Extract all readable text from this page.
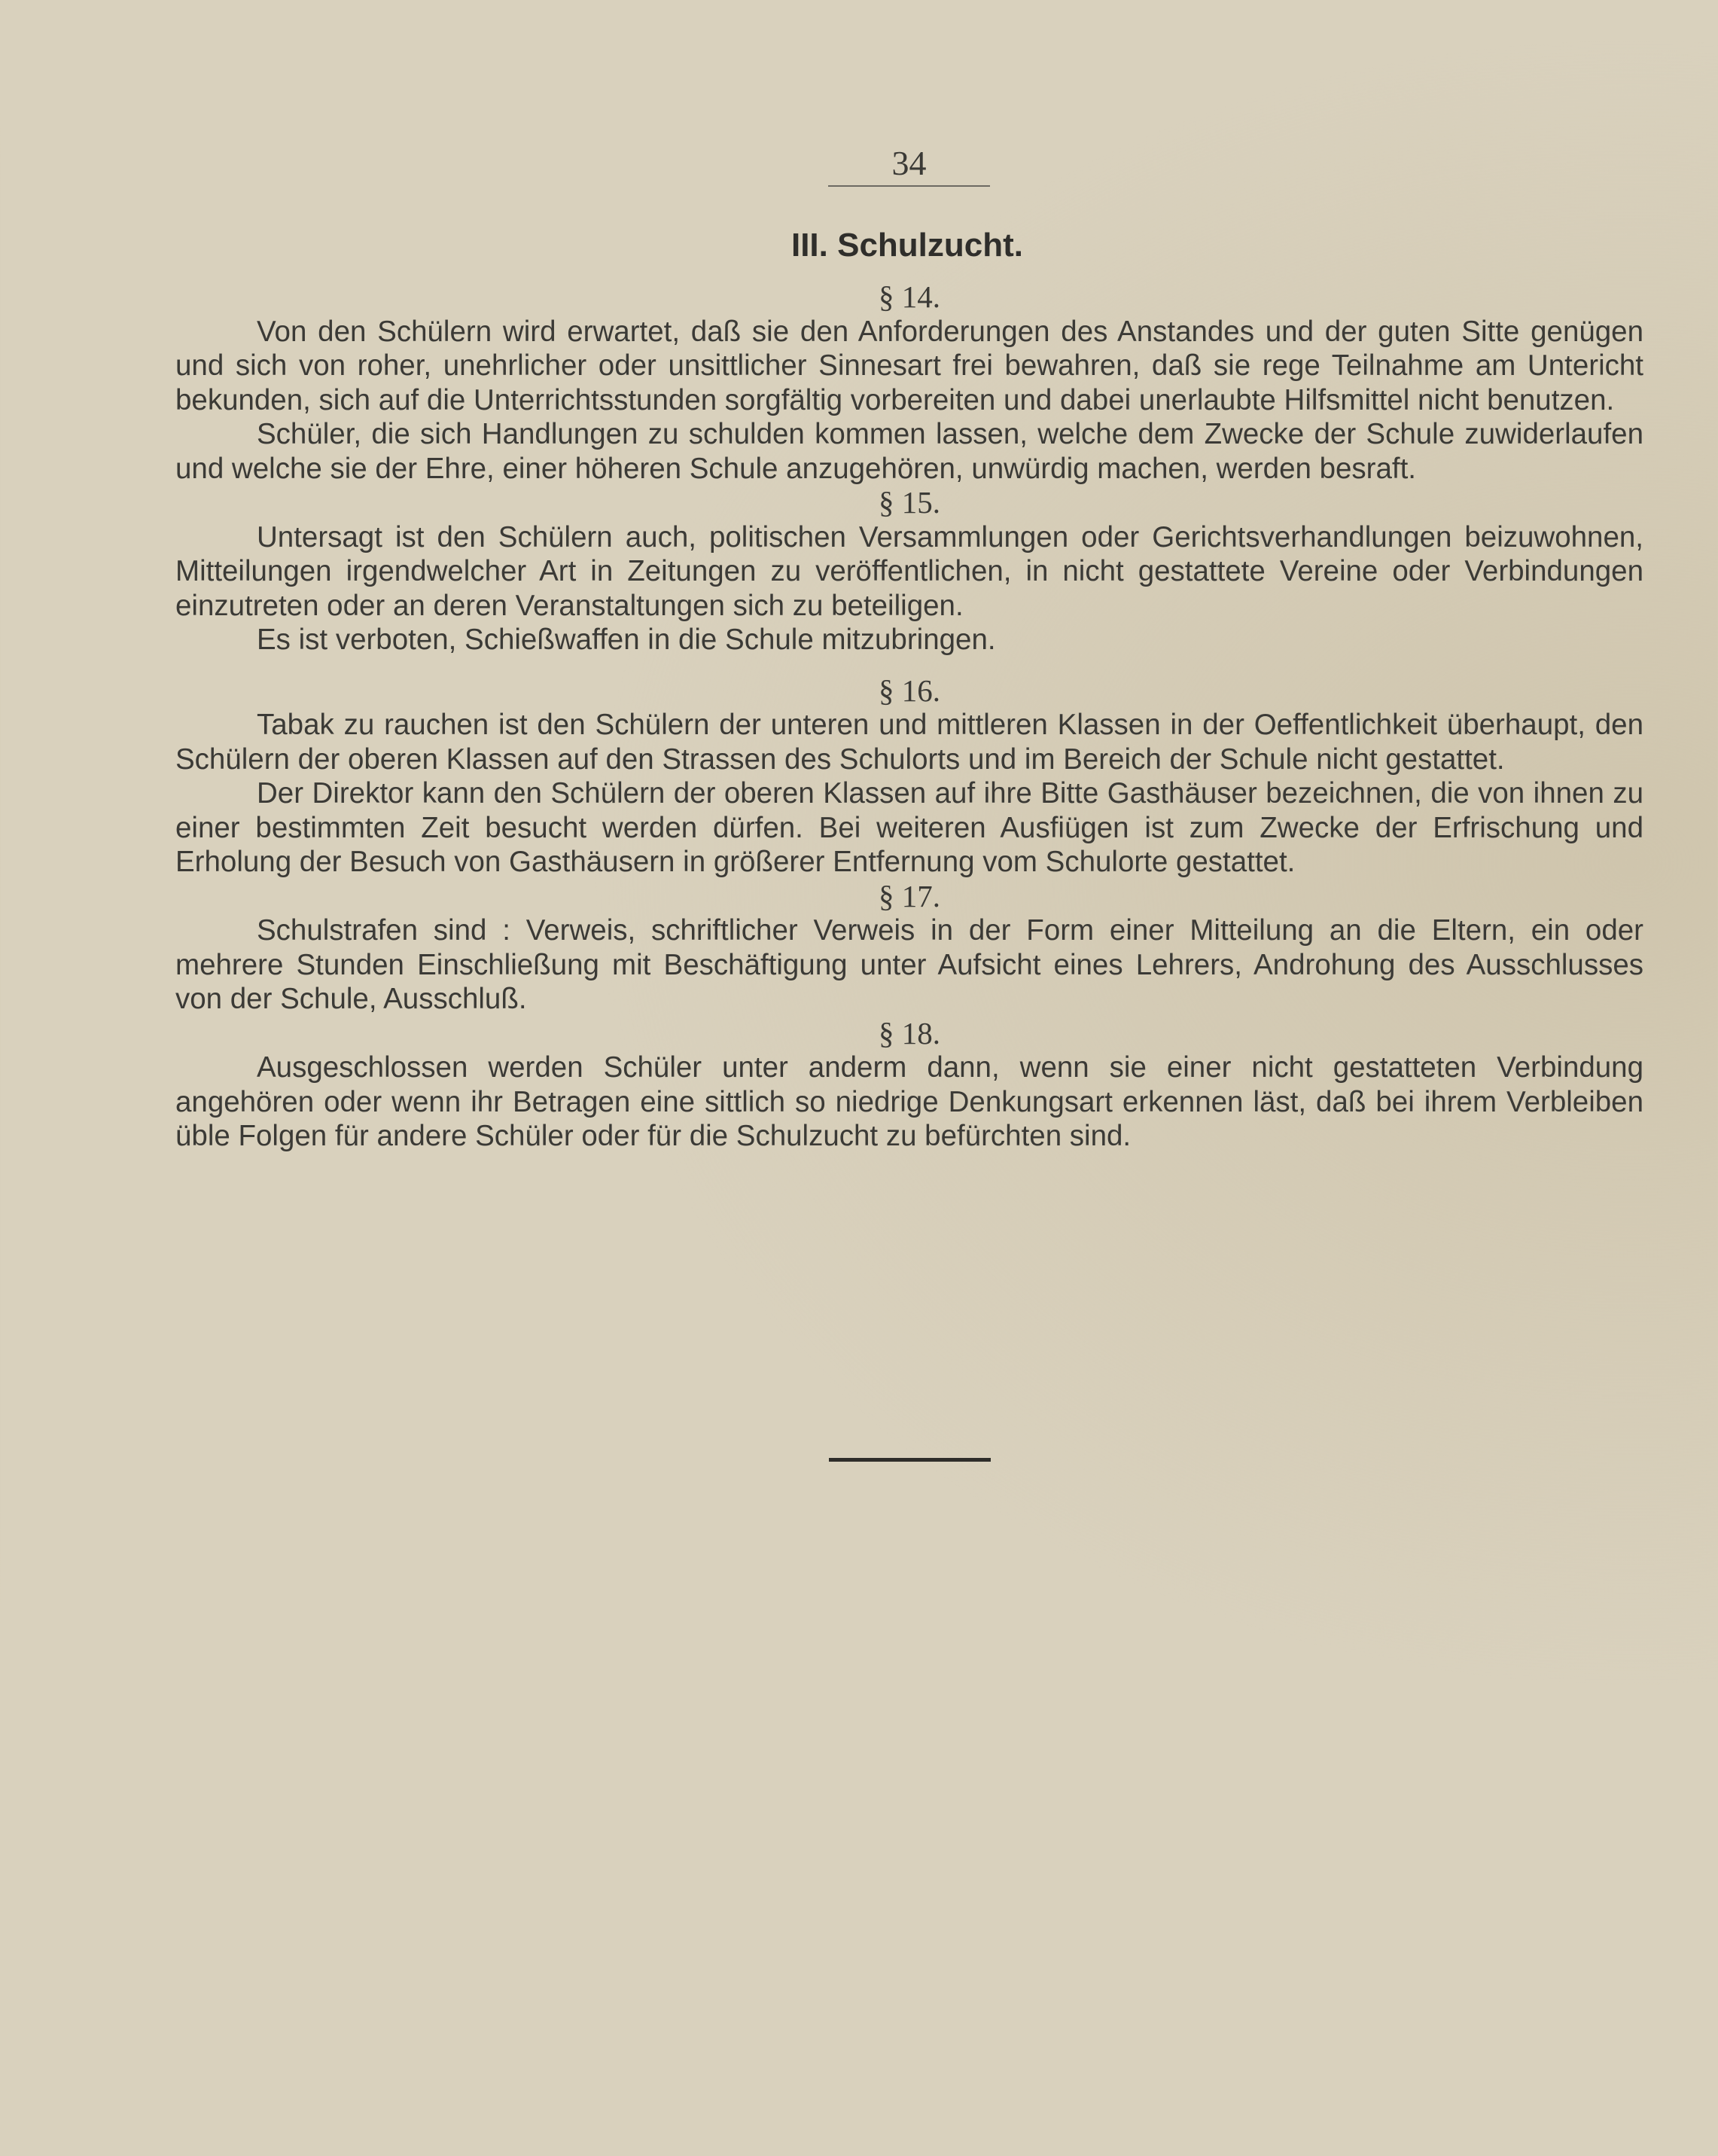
34
III. Schulzucht.
§ 14.

Von den Schülern wird erwartet, daß sie den Anforderungen des Anstandes und der guten Sitte genügen und sich von roher, unehrlicher oder unsittlicher Sinnesart frei bewahren, daß sie rege Teilnahme am Untericht bekunden, sich auf die Unterrichtsstunden sorgfältig vorbereiten und dabei unerlaubte Hilfsmittel nicht benutzen.

Schüler, die sich Handlungen zu schulden kommen lassen, welche dem Zwecke der Schule zuwiderlaufen und welche sie der Ehre, einer höheren Schule anzugehören, unwürdig machen, werden besraft.

§ 15.

Untersagt ist den Schülern auch, politischen Versammlungen oder Gerichtsverhandlungen beizuwohnen, Mitteilungen irgendwelcher Art in Zeitungen zu veröffentlichen, in nicht gestattete Vereine oder Verbindungen einzutreten oder an deren Veranstaltungen sich zu beteiligen.

Es ist verboten, Schießwaffen in die Schule mitzubringen.

§ 16.

Tabak zu rauchen ist den Schülern der unteren und mittleren Klassen in der Oeffentlichkeit überhaupt, den Schülern der oberen Klassen auf den Strassen des Schulorts und im Bereich der Schule nicht gestattet.

Der Direktor kann den Schülern der oberen Klassen auf ihre Bitte Gasthäuser bezeichnen, die von ihnen zu einer bestimmten Zeit besucht werden dürfen. Bei weiteren Ausfiügen ist zum Zwecke der Erfrischung und Erholung der Besuch von Gasthäusern in größerer Entfernung vom Schulorte gestattet.

§ 17.

Schulstrafen sind : Verweis, schriftlicher Verweis in der Form einer Mitteilung an die Eltern, ein oder mehrere Stunden Einschließung mit Beschäftigung unter Aufsicht eines Lehrers, Androhung des Ausschlusses von der Schule, Ausschluß.

§ 18.

Ausgeschlossen werden Schüler unter anderm dann, wenn sie einer nicht gestatteten Verbindung angehören oder wenn ihr Betragen eine sittlich so niedrige Denkungsart erkennen läst, daß bei ihrem Verbleiben üble Folgen für andere Schüler oder für die Schulzucht zu befürchten sind.
